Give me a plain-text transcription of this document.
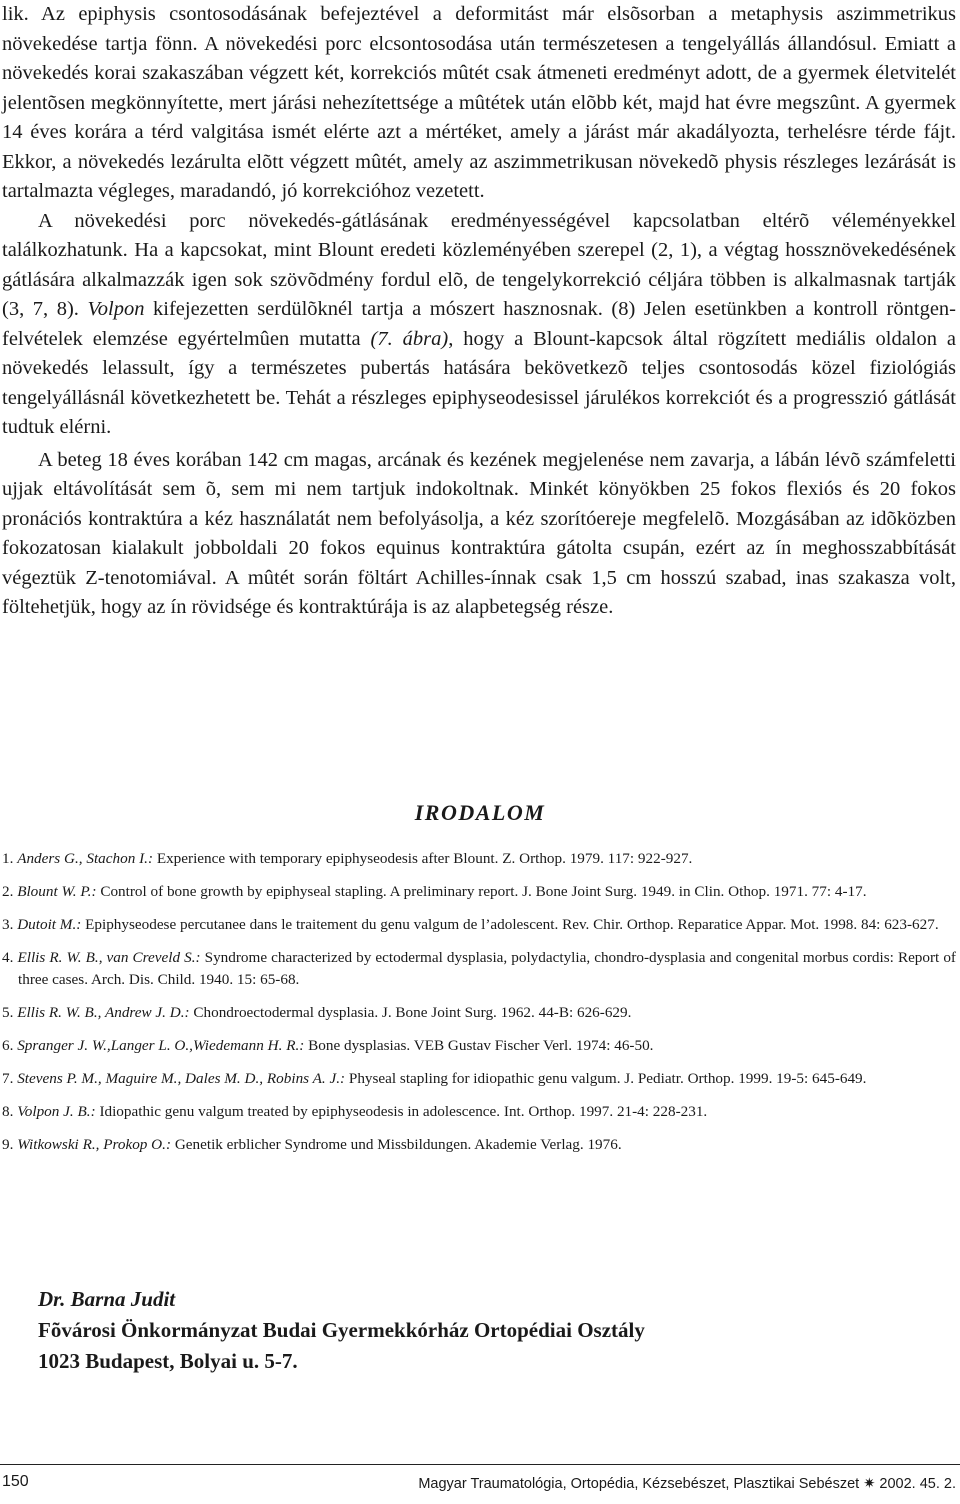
lik. Az epiphysis csontosodásának befejeztével a deformitást már elsõsorban a metaphysis aszimmetrikus növekedése tartja fönn. A növekedési porc elcsontosodása után természetesen a tengelyállás állandósul. Emiatt a növekedés korai szakaszában végzett két, korrekciós mûtét csak átmeneti eredményt adott, de a gyermek életvitelét jelentõsen megkönnyítette, mert járási nehezítettsége a mûtétek után elõbb két, majd hat évre megszûnt. A gyermek 14 éves korára a térd valgitása ismét elérte azt a mértéket, amely a járást már akadályozta, terhelésre térde fájt. Ekkor, a növekedés lezárulta elõtt végzett mûtét, amely az aszimmetrikusan növekedõ physis részleges lezárását is tartalmazta végleges, maradandó, jó korrekcióhoz vezetett.

A növekedési porc növekedés-gátlásának eredményességével kapcsolatban eltérõ véleményekkel találkozhatunk. Ha a kapcsokat, mint Blount eredeti közleményében szerepel (2, 1), a végtag hossznövekedésének gátlására alkalmazzák igen sok szövõdmény fordul elõ, de tengelykorrekció céljára többen is alkalmasnak tartják (3, 7, 8). Volpon kifejezetten serdülõknél tartja a mószert hasznosnak. (8) Jelen esetünkben a kontroll röntgen-felvételek elemzése egyértelmûen mutatta (7. ábra), hogy a Blount-kapcsok által rögzített mediális oldalon a növekedés lelassult, így a természetes pubertás hatására bekövetkezõ teljes csontosodás közel fiziológiás tengelyállásnál következhetett be. Tehát a részleges epiphyseodesissel járulékos korrekciót és a progresszió gátlását tudtuk elérni.

A beteg 18 éves korában 142 cm magas, arcának és kezének megjelenése nem zavarja, a lábán lévõ számfeletti ujjak eltávolítását sem õ, sem mi nem tartjuk indokoltnak. Minkét könyökben 25 fokos flexiós és 20 fokos pronációs kontraktúra a kéz használatát nem befolyásolja, a kéz szorítóereje megfelelõ. Mozgásában az idõközben fokozatosan kialakult jobboldali 20 fokos equinus kontraktúra gátolta csupán, ezért az ín meghosszabbítását végeztük Z-tenotomiával. A mûtét során föltárt Achilles-ínnak csak 1,5 cm hosszú szabad, inas szakasza volt, föltehetjük, hogy az ín rövidsége és kontraktúrája is az alapbetegség része.

IRODALOM

1. Anders G., Stachon I.: Experience with temporary epiphyseodesis after Blount. Z. Orthop. 1979. 117: 922-927.

2. Blount W. P.: Control of bone growth by epiphyseal stapling. A preliminary report. J. Bone Joint Surg. 1949. in Clin. Othop. 1971. 77: 4-17.

3. Dutoit M.: Epiphyseodese percutanee dans le traitement du genu valgum de l’adolescent. Rev. Chir. Orthop. Reparatice Appar. Mot. 1998. 84: 623-627.

4. Ellis R. W. B., van Creveld S.: Syndrome characterized by ectodermal dysplasia, polydactylia, chondro-dysplasia and congenital morbus cordis: Report of three cases. Arch. Dis. Child. 1940. 15: 65-68.

5. Ellis R. W. B., Andrew J. D.: Chondroectodermal dysplasia. J. Bone Joint Surg. 1962. 44-B: 626-629.

6. Spranger J. W.,Langer L. O.,Wiedemann H. R.: Bone dysplasias. VEB Gustav Fischer Verl. 1974: 46-50.

7. Stevens P. M., Maguire M., Dales M. D., Robins A. J.: Physeal stapling for idiopathic genu valgum. J. Pediatr. Orthop. 1999. 19-5: 645-649.

8. Volpon J. B.: Idiopathic genu valgum treated by epiphyseodesis in adolescence. Int. Orthop. 1997. 21-4: 228-231.

9. Witkowski R., Prokop O.: Genetik erblicher Syndrome und Missbildungen. Akademie Verlag. 1976.

Dr. Barna Judit
Fõvárosi Önkormányzat Budai Gyermekkórház Ortopédiai Osztály
1023 Budapest, Bolyai u. 5-7.
150	Magyar Traumatológia, Ortopédia, Kézsebészet, Plasztikai Sebészet ✷ 2002. 45. 2.
